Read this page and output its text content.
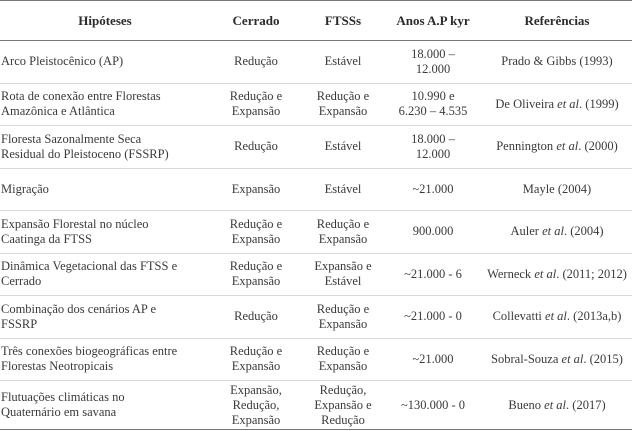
Hipóteses	Cerrado	FTSSs	Anos A.P kyr	Referências

Arco Pleistocênico (AP)	Redução	Estável	18.000 –
12.000	Prado & Gibbs (1993)

Rota de conexão entre Florestas
Amazônica e Atlântica	Redução e
Expansão	Redução e
Expansão	10.990 e
6.230 – 4.535	De Oliveira et al. (1999)

Floresta Sazonalmente Seca
Residual do Pleistoceno (FSSRP)	Redução	Estável	18.000 –
12.000	Pennington et al. (2000)

Migração	Expansão	Estável	~21.000	Mayle (2004)

Expansão Florestal no núcleo
Caatinga da FTSS	Redução e
Expansão	Redução e
Expansão	900.000	Auler et al. (2004)

Dinâmica Vegetacional das FTSS e
Cerrado	Redução e
Expansão	Expansão e
Estável	~21.000 - 6	Werneck et al. (2011; 2012)

Combinação dos cenários AP e
FSSRP	Redução	Redução e
Expansão	~21.000 - 0	Collevatti et al. (2013a,b)

Três conexões biogeográficas entre
Florestas Neotropicais	Redução e
Expansão	Redução e
Expansão	~21.000	Sobral-Souza et al. (2015)

Flutuações climáticas no
Quaternário em savana	Expansão,
Redução,
Expansão	Redução,
Expansão e
Redução	~130.000 - 0	Bueno et al. (2017)
